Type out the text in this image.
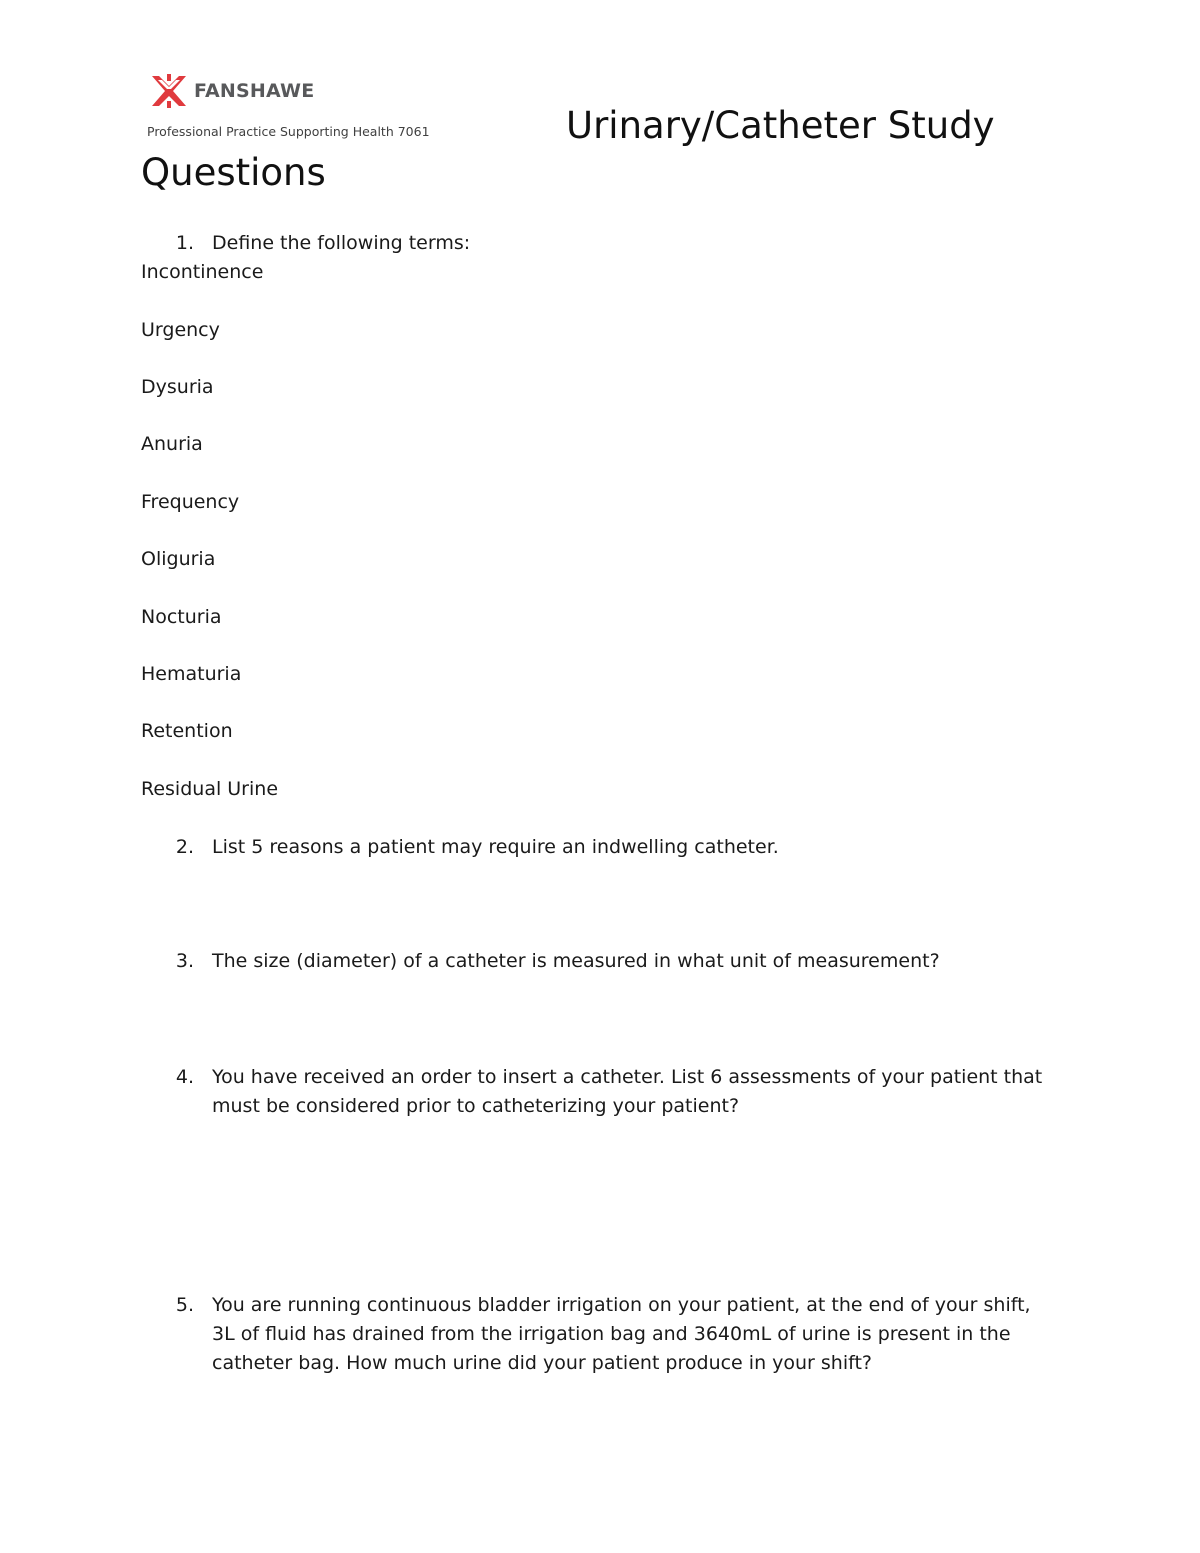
FANSHAWE
Professional Practice Supporting Health 7061	Urinary/Catheter Study
Questions
1. Define the following terms:
Incontinence
Urgency
Dysuria
Anuria
Frequency
Oliguria
Nocturia
Hematuria
Retention
Residual Urine
2. List 5 reasons a patient may require an indwelling catheter.
3. The size (diameter) of a catheter is measured in what unit of measurement?
4. You have received an order to insert a catheter. List 6 assessments of your patient that must be considered prior to catheterizing your patient?
5. You are running continuous bladder irrigation on your patient, at the end of your shift, 3L of fluid has drained from the irrigation bag and 3640mL of urine is present in the catheter bag. How much urine did your patient produce in your shift?
